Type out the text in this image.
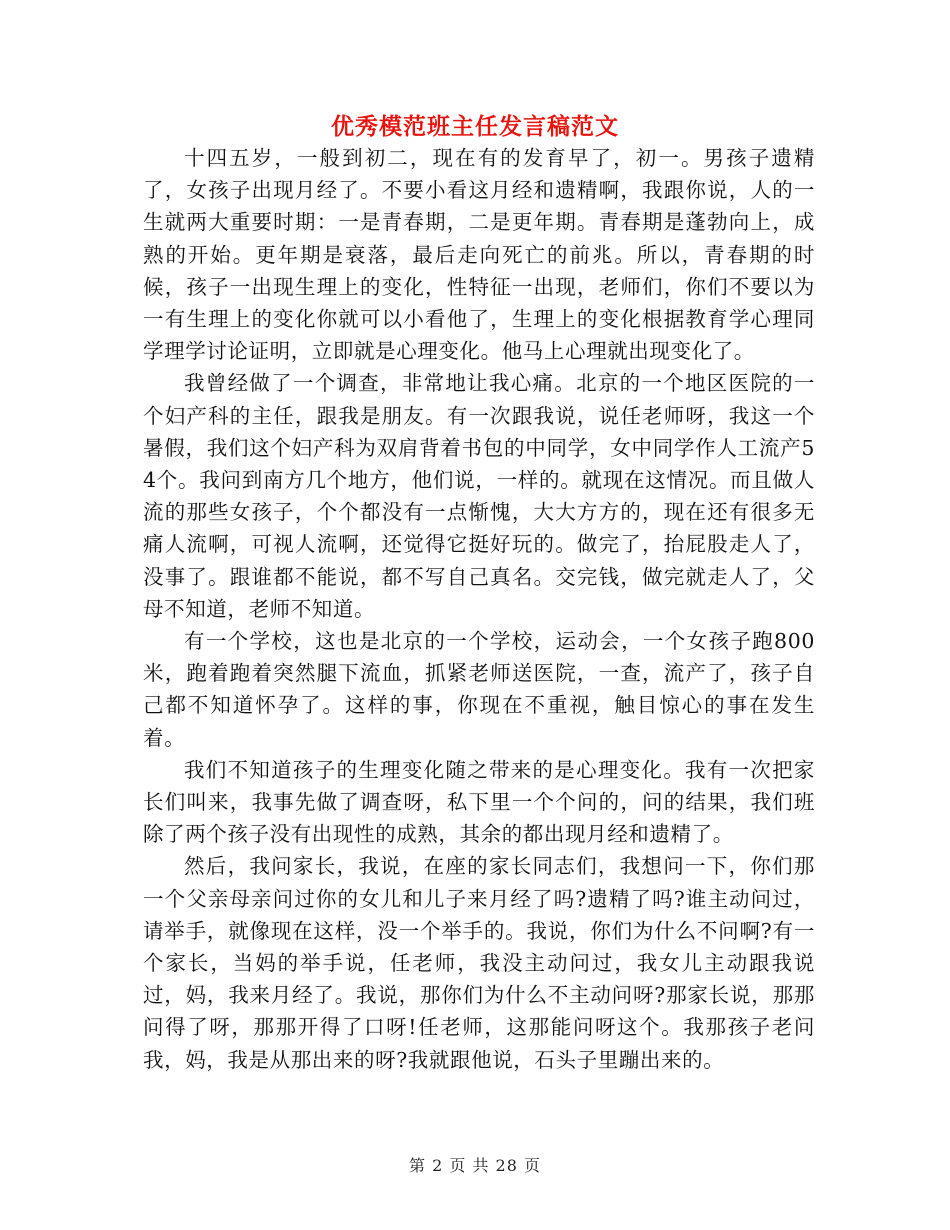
优秀模范班主任发言稿范文

十四五岁，一般到初二，现在有的发育早了，初一。男孩子遗精了，女孩子出现月经了。不要小看这月经和遗精啊，我跟你说，人的一生就两大重要时期：一是青春期，二是更年期。青春期是蓬勃向上，成熟的开始。更年期是衰落，最后走向死亡的前兆。所以，青春期的时候，孩子一出现生理上的变化，性特征一出现，老师们，你们不要以为一有生理上的变化你就可以小看他了，生理上的变化根据教育学心理同学理学讨论证明，立即就是心理变化。他马上心理就出现变化了。

我曾经做了一个调查，非常地让我心痛。北京的一个地区医院的一个妇产科的主任，跟我是朋友。有一次跟我说，说任老师呀，我这一个暑假，我们这个妇产科为双肩背着书包的中同学，女中同学作人工流产54个。我问到南方几个地方，他们说，一样的。就现在这情况。而且做人流的那些女孩子，个个都没有一点惭愧，大大方方的，现在还有很多无痛人流啊，可视人流啊，还觉得它挺好玩的。做完了，抬屁股走人了，没事了。跟谁都不能说，都不写自己真名。交完钱，做完就走人了，父母不知道，老师不知道。

有一个学校，这也是北京的一个学校，运动会，一个女孩子跑800米，跑着跑着突然腿下流血，抓紧老师送医院，一查，流产了，孩子自己都不知道怀孕了。这样的事，你现在不重视，触目惊心的事在发生着。

我们不知道孩子的生理变化随之带来的是心理变化。我有一次把家长们叫来，我事先做了调查呀，私下里一个个问的，问的结果，我们班除了两个孩子没有出现性的成熟，其余的都出现月经和遗精了。

然后，我问家长，我说，在座的家长同志们，我想问一下，你们那一个父亲母亲问过你的女儿和儿子来月经了吗?遗精了吗?谁主动问过，请举手，就像现在这样，没一个举手的。我说，你们为什么不问啊?有一个家长，当妈的举手说，任老师，我没主动问过，我女儿主动跟我说过，妈，我来月经了。我说，那你们为什么不主动问呀?那家长说，那那问得了呀，那那开得了口呀!任老师，这那能问呀这个。我那孩子老问我，妈，我是从那出来的呀?我就跟他说，石头子里蹦出来的。

第 2 页 共 28 页
